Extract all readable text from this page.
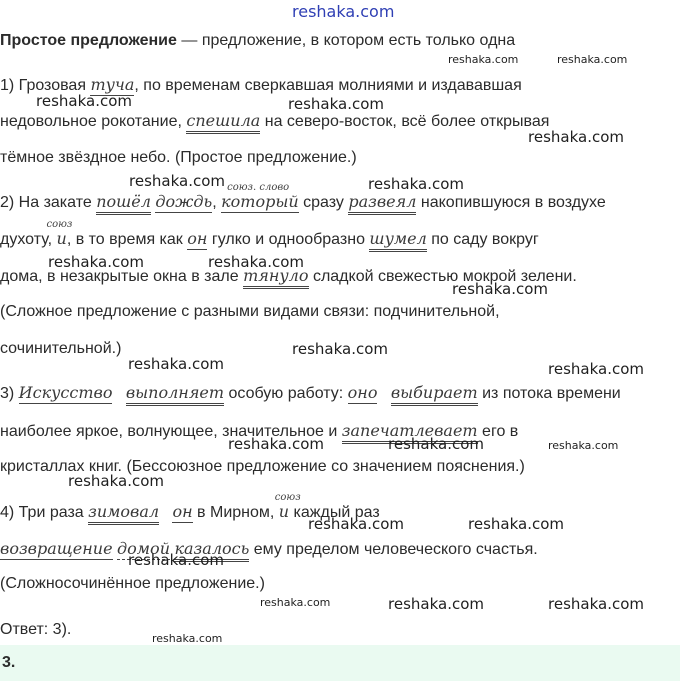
reshaka.com
Простое предложение — предложение, в котором есть только одна
1) Грозовая туча, по временам сверкавшая молниями и издававшая
недовольное рокотание, спешила на северо-восток, всё более открывая
тёмное звёздное небо. (Простое предложение.)
2) На закате пошёл дождь,
союз. слово
который сразу развеял накопившуюся в воздухе
духоту,
союз
и, в то время как он гулко и однообразно шумел по саду вокруг
дома, в незакрытые окна в зале тянуло сладкой свежестью мокрой зелени.
(Сложное предложение с разными видами связи: подчинительной,
сочинительной.)
3) Искусство выполняет особую работу: оно выбирает из потока времени
наиболее яркое, волнующее, значительное и запечатлевает его в
кристаллах книг. (Бессоюзное предложение со значением пояснения.)
4) Три раза зимовал он в Мирном,
союз
и каждый раз
возвращение домой казалось ему пределом человеческого счастья.
(Сложносочинённое предложение.)
Ответ: 3).
3.
reshaka.com	reshaka.com
reshaka.com	reshaka.com
reshaka.com
reshaka.com	reshaka.com
reshaka.com	reshaka.com
reshaka.com
reshaka.com
reshaka.com	reshaka.com
reshaka.com	reshaka.com	reshaka.com
reshaka.com
reshaka.com	reshaka.com
reshaka.com
reshaka.com	reshaka.com	reshaka.com
reshaka.com
